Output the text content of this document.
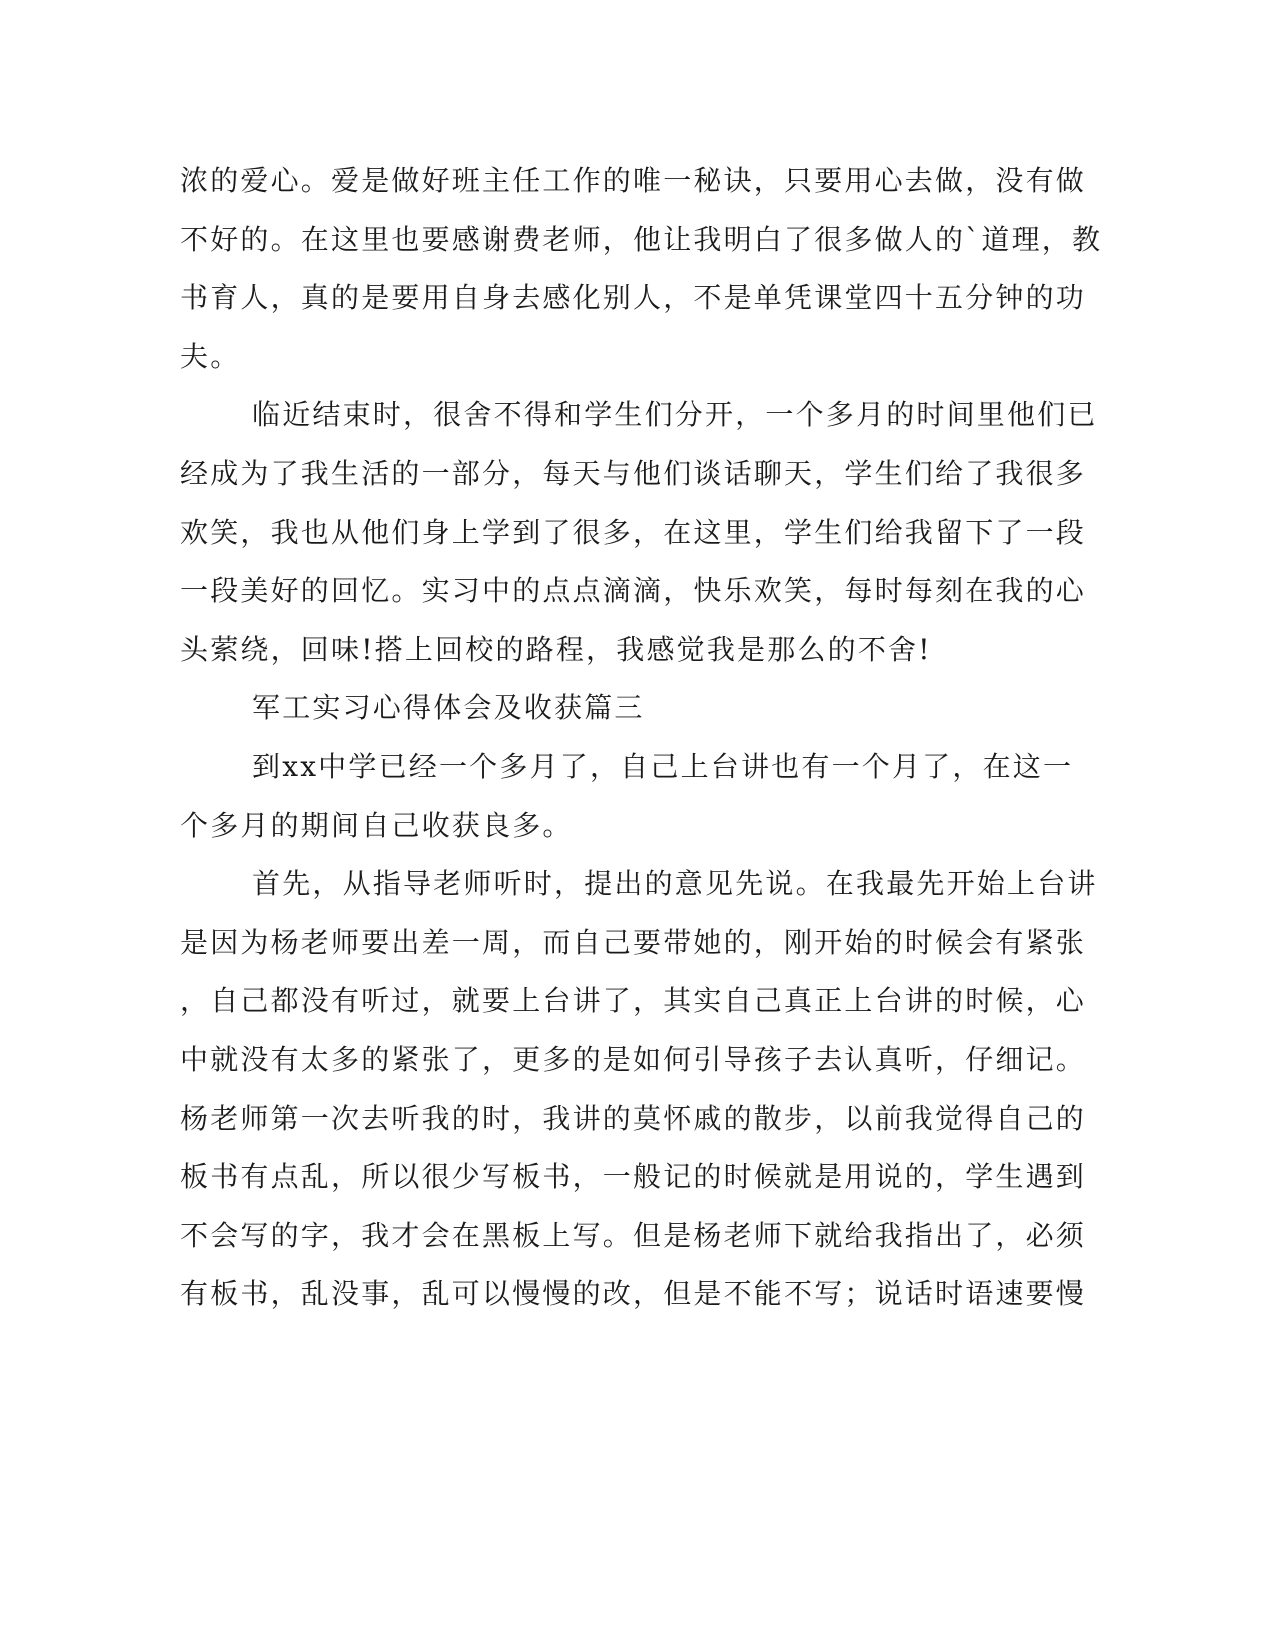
浓的爱心。爱是做好班主任工作的唯一秘诀，只要用心去做，没有做
不好的。在这里也要感谢费老师，他让我明白了很多做人的`道理，教
书育人，真的是要用自身去感化别人，不是单凭课堂四十五分钟的功
夫。
临近结束时，很舍不得和学生们分开，一个多月的时间里他们已
经成为了我生活的一部分，每天与他们谈话聊天，学生们给了我很多
欢笑，我也从他们身上学到了很多，在这里，学生们给我留下了一段
一段美好的回忆。实习中的点点滴滴，快乐欢笑，每时每刻在我的心
头萦绕，回味!搭上回校的路程，我感觉我是那么的不舍!
军工实习心得体会及收获篇三
到xx中学已经一个多月了，自己上台讲也有一个月了，在这一
个多月的期间自己收获良多。
首先，从指导老师听时，提出的意见先说。在我最先开始上台讲
是因为杨老师要出差一周，而自己要带她的，刚开始的时候会有紧张
，自己都没有听过，就要上台讲了，其实自己真正上台讲的时候，心
中就没有太多的紧张了，更多的是如何引导孩子去认真听，仔细记。
杨老师第一次去听我的时，我讲的莫怀戚的散步，以前我觉得自己的
板书有点乱，所以很少写板书，一般记的时候就是用说的，学生遇到
不会写的字，我才会在黑板上写。但是杨老师下就给我指出了，必须
有板书，乱没事，乱可以慢慢的改，但是不能不写；说话时语速要慢
